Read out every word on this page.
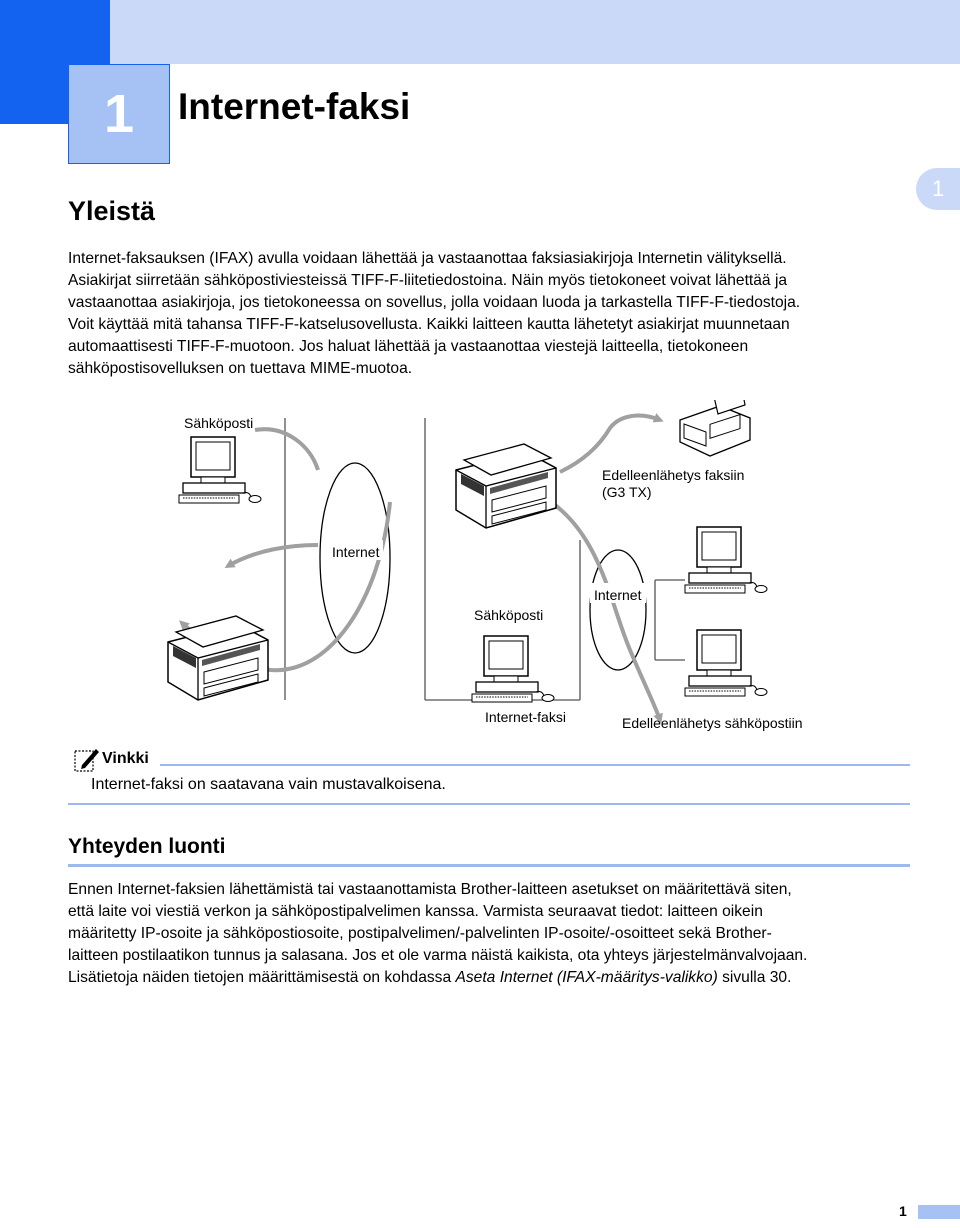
1 Internet-faksi
1
Yleistä
Internet-faksauksen (IFAX) avulla voidaan lähettää ja vastaanottaa faksiasiakirjoja Internetin välityksellä.
Asiakirjat siirretään sähköpostiviesteissä TIFF-F-liitetiedostoina. Näin myös tietokoneet voivat lähettää ja
vastaanottaa asiakirjoja, jos tietokoneessa on sovellus, jolla voidaan luoda ja tarkastella TIFF-F-tiedostoja.
Voit käyttää mitä tahansa TIFF-F-katselusovellusta. Kaikki laitteen kautta lähetetyt asiakirjat muunnetaan
automaattisesti TIFF-F-muotoon. Jos haluat lähettää ja vastaanottaa viestejä laitteella, tietokoneen
sähköpostisovelluksen on tuettava MIME-muotoa.
Sähköposti
Edelleenlähetys faksiin
(G3 TX)
Internet
Internet
Sähköposti
Internet-faksi	Edelleenlähetys sähköpostiin
Vinkki
Internet-faksi on saatavana vain mustavalkoisena.
Yhteyden luonti
Ennen Internet-faksien lähettämistä tai vastaanottamista Brother-laitteen asetukset on määritettävä siten,
että laite voi viestiä verkon ja sähköpostipalvelimen kanssa. Varmista seuraavat tiedot: laitteen oikein
määritetty IP-osoite ja sähköpostiosoite, postipalvelimen/-palvelinten IP-osoite/-osoitteet sekä Brother-
laitteen postilaatikon tunnus ja salasana. Jos et ole varma näistä kaikista, ota yhteys järjestelmänvalvojaan.
Lisätietoja näiden tietojen määrittämisestä on kohdassa Aseta Internet (IFAX-määritys-valikko) sivulla 30.
1
